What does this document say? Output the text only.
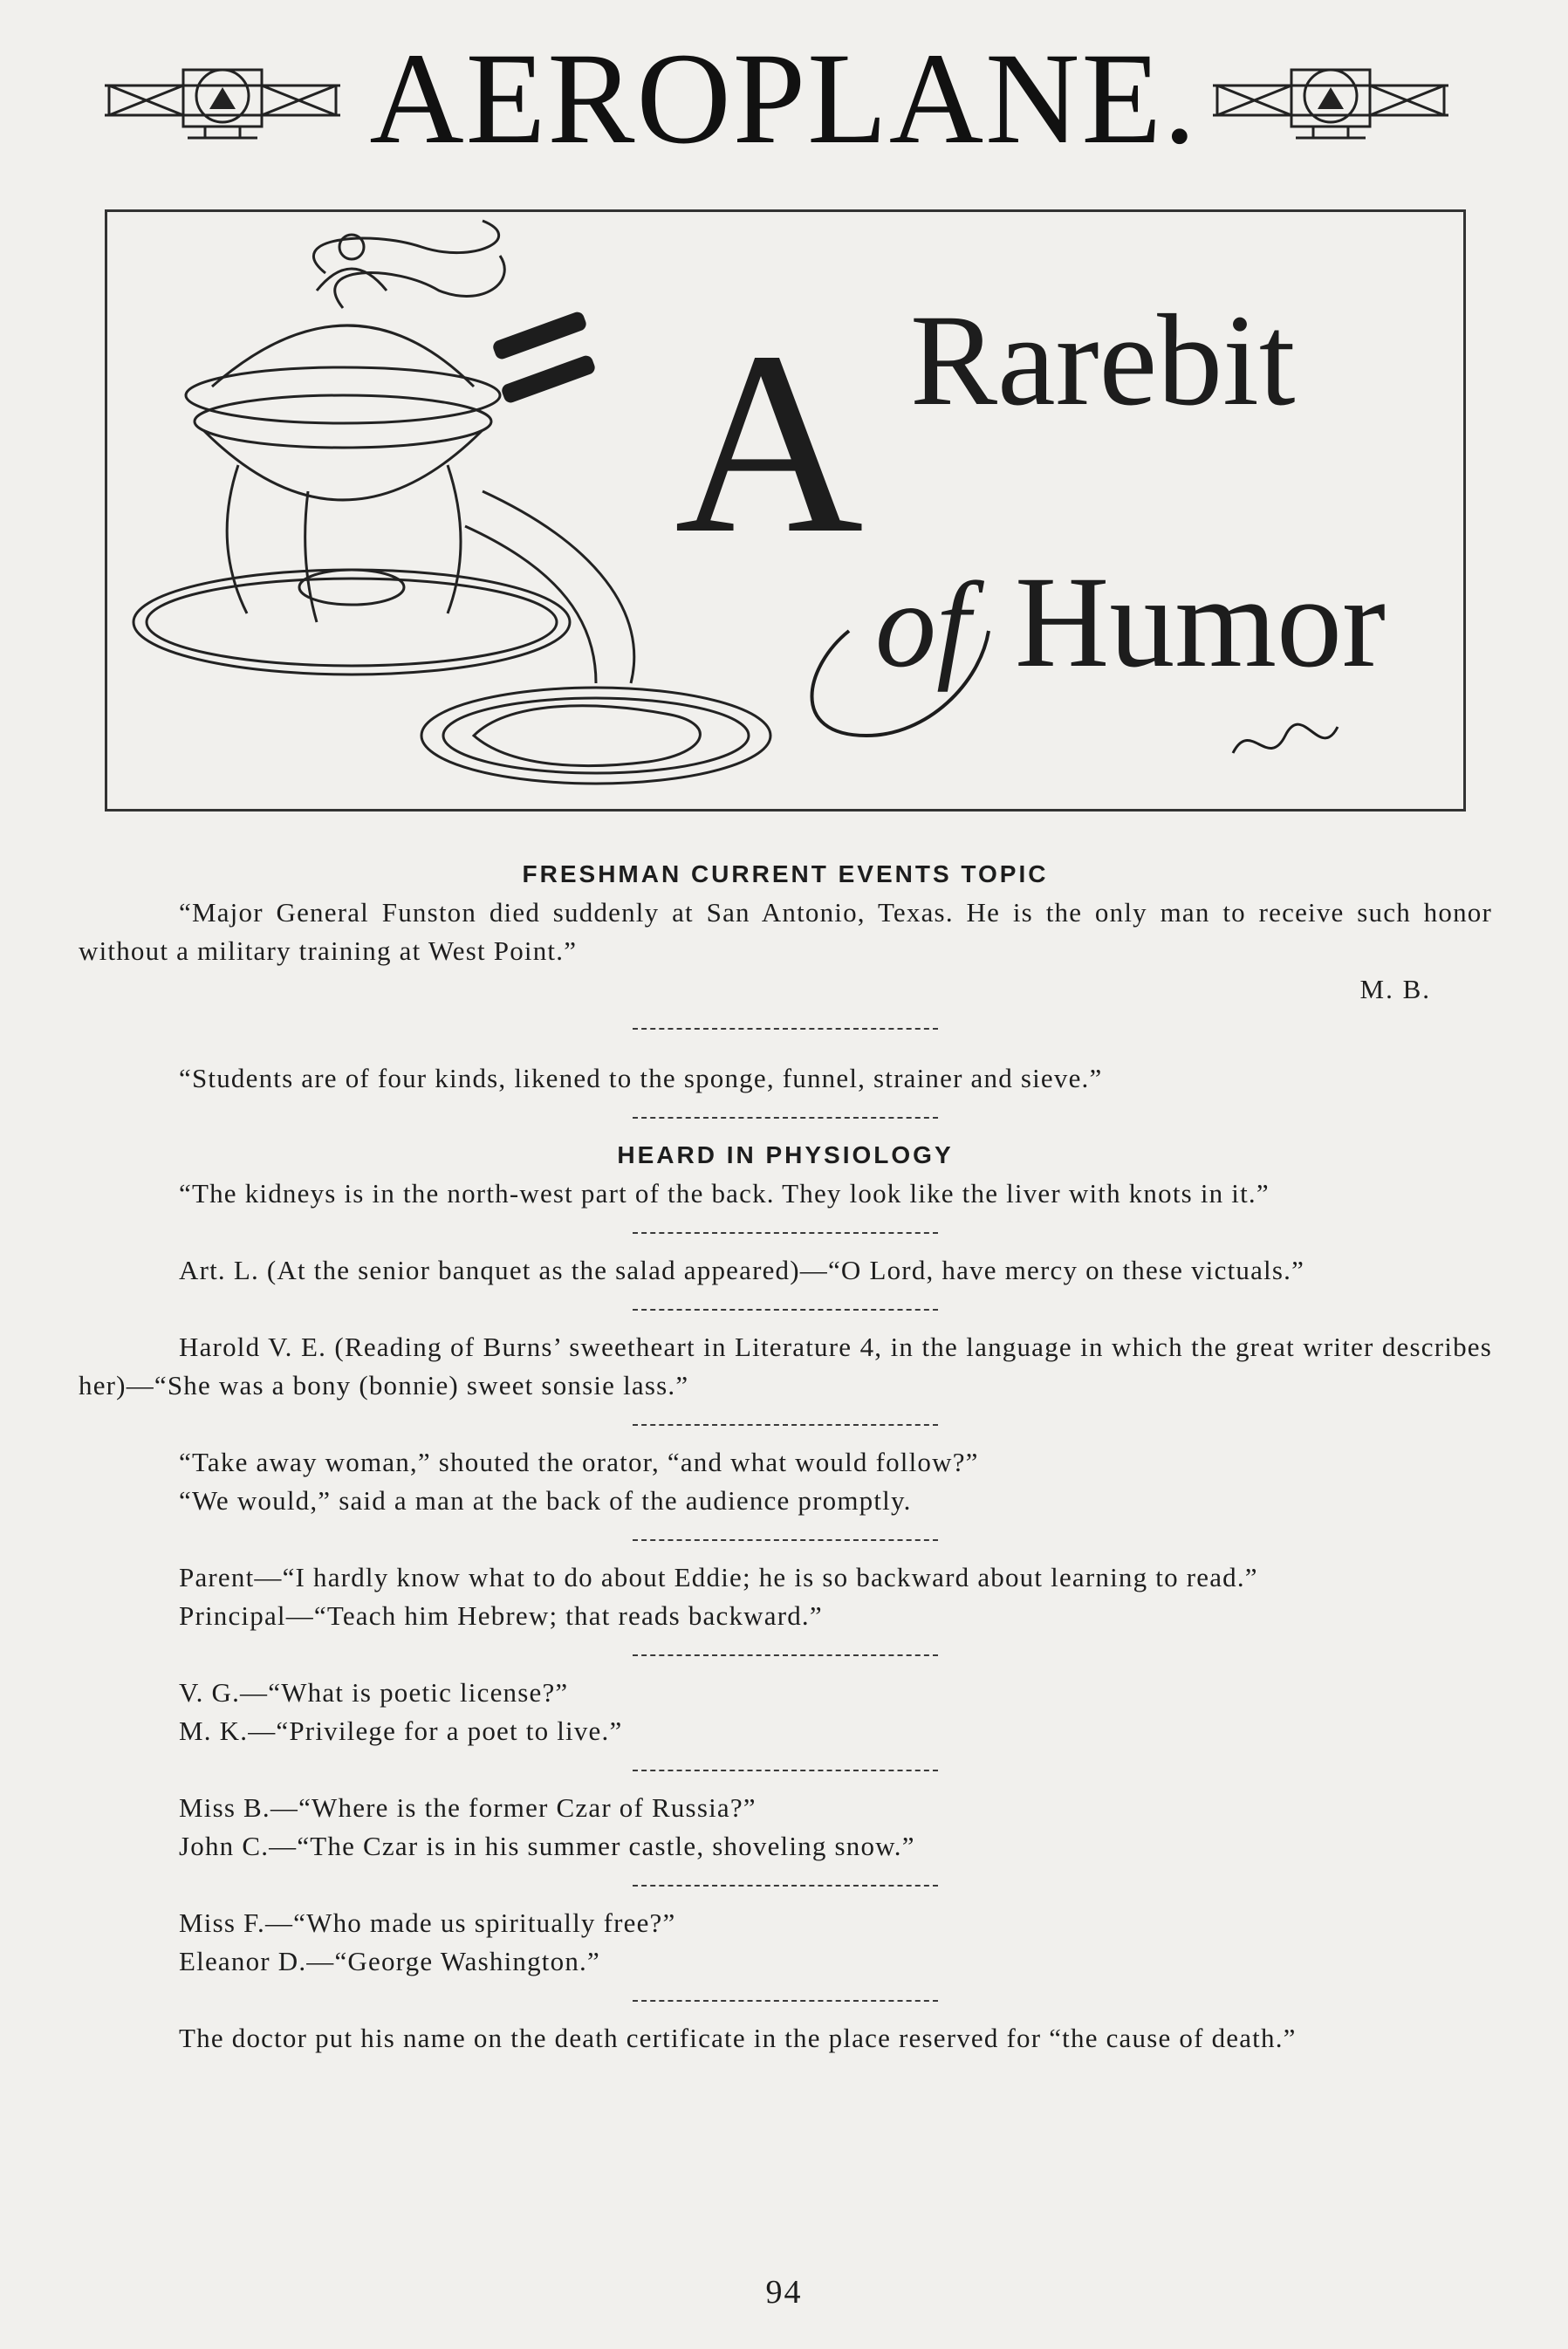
AEROPLANE.
A Rarebit
of Humor
FRESHMAN CURRENT EVENTS TOPIC

“Major General Funston died suddenly at San Antonio, Texas. He is the only man to receive such honor without a military training at West Point.”

M. B.

“Students are of four kinds, likened to the sponge, funnel, strainer and sieve.”

HEARD IN PHYSIOLOGY

“The kidneys is in the north-west part of the back. They look like the liver with knots in it.”

Art. L. (At the senior banquet as the salad appeared)—“O Lord, have mercy on these victuals.”

Harold V. E. (Reading of Burns’ sweetheart in Literature 4, in the language in which the great writer describes her)—“She was a bony (bonnie) sweet sonsie lass.”

“Take away woman,” shouted the orator, “and what would follow?”

“We would,” said a man at the back of the audience promptly.

Parent—“I hardly know what to do about Eddie; he is so backward about learning to read.”

Principal—“Teach him Hebrew; that reads backward.”

V. G.—“What is poetic license?”

M. K.—“Privilege for a poet to live.”

Miss B.—“Where is the former Czar of Russia?”

John C.—“The Czar is in his summer castle, shoveling snow.”

Miss F.—“Who made us spiritually free?”

Eleanor D.—“George Washington.”

The doctor put his name on the death certificate in the place reserved for “the cause of death.”

94
